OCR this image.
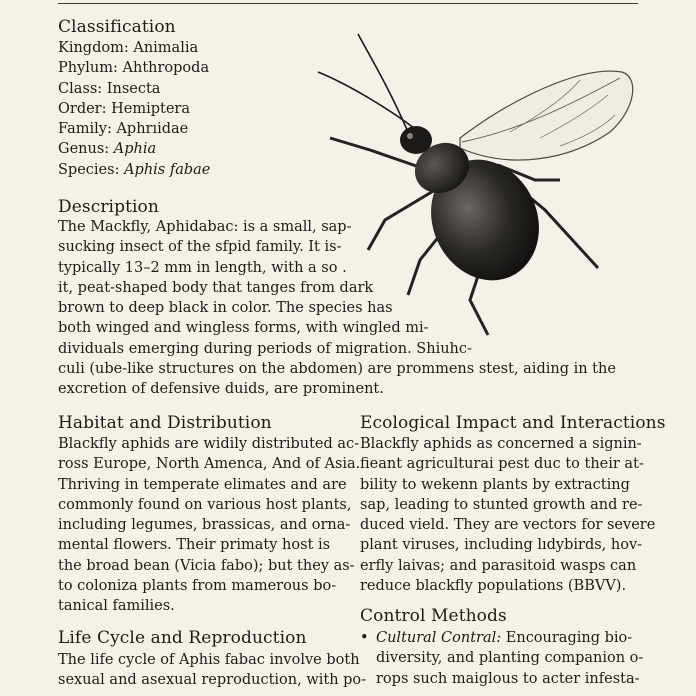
Classification
Kingdom: Animalia
Phylum: Ahthropoda
Class: Insecta
Order: Hemiptera
Family: Aphrıidae
Genus: Aphia
Species: Aphis fabae
Description
The Mackfly, Aphidabac: is a small, sap-
sucking insect of the sfpid family. It is-
typically 13–2 mm in length, with a so .
it, peat-shaped body that tanges from dark
brown to deep black in color. The species has
both winged and wingless forms, with wingled mi-
dividuals emerging during periods of migration. Shiuhc-
culi (ube-like structures on the abdomen) are prommens stest, aiding in the
excretion of defensive duids, are prominent.
Habitat and Distribution
Blackfly aphids are widily distributed ac-
ross Europe, North Amenca, And of Asia.
Thriving in temperate elimates and are
commonly found on various host plants,
including legumes, brassicas, and orna-
mental flowers. Their primaty host is
the broad bean (Vicia fabo); but they as-
to coloniza plants from mamerous bo-
tanical families.
Life Cycle and Reproduction
The life cycle of Aphis fabac involve both
sexual and asexual reproduction, with po-
Ecological Impact and Interactions
Blackfly aphids as concerned a signin-
fieant agriculturai pest duc to their at-
bility to wekenn plants by extracting
sap, leading to stunted growth and re-
duced vield. They are vectors for severe
plant viruses, including lıdybirds, hov-
erfly laivas; and parasitoid wasps can
reduce blackfly populations (BBVV).
Control Methods
• Cultural Contral: Encouraging bio-
diversity, and planting companion o-
rops such maiglous to acter infesta-
